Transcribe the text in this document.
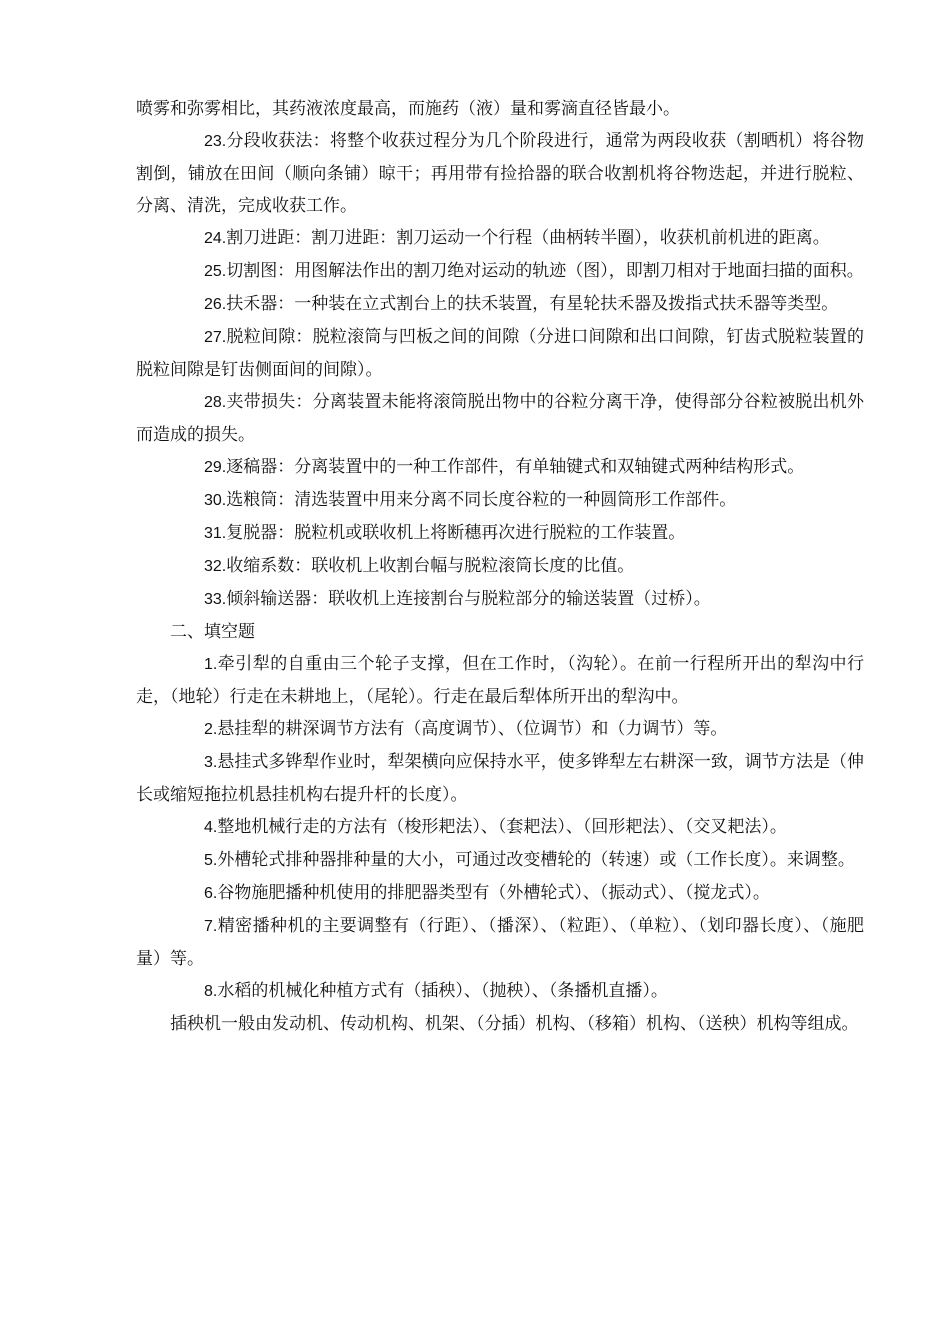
喷雾和弥雾相比，其药液浓度最高，而施药（液）量和雾滴直径皆最小。

23.分段收获法：将整个收获过程分为几个阶段进行，通常为两段收获（割晒机）将谷物割倒，铺放在田间（顺向条铺）晾干；再用带有捡拾器的联合收割机将谷物迭起，并进行脱粒、分离、清洗，完成收获工作。

24.割刀进距：割刀进距：割刀运动一个行程（曲柄转半圈），收获机前机进的距离。

25.切割图：用图解法作出的割刀绝对运动的轨迹（图），即割刀相对于地面扫描的面积。

26.扶禾器：一种装在立式割台上的扶禾装置，有星轮扶禾器及拨指式扶禾器等类型。

27.脱粒间隙：脱粒滚筒与凹板之间的间隙（分进口间隙和出口间隙，钉齿式脱粒装置的脱粒间隙是钉齿侧面间的间隙）。

28.夹带损失：分离装置未能将滚筒脱出物中的谷粒分离干净，使得部分谷粒被脱出机外而造成的损失。

29.逐稿器：分离装置中的一种工作部件，有单轴键式和双轴键式两种结构形式。

30.选粮筒：清选装置中用来分离不同长度谷粒的一种圆筒形工作部件。

31.复脱器：脱粒机或联收机上将断穗再次进行脱粒的工作装置。

32.收缩系数：联收机上收割台幅与脱粒滚筒长度的比值。

33.倾斜输送器：联收机上连接割台与脱粒部分的输送装置（过桥）。

二、填空题

1.牵引犁的自重由三个轮子支撑，但在工作时，（沟轮）。在前一行程所开出的犁沟中行走，（地轮）行走在未耕地上，（尾轮）。行走在最后犁体所开出的犁沟中。

2.悬挂犁的耕深调节方法有（高度调节）、（位调节）和（力调节）等。

3.悬挂式多铧犁作业时，犁架横向应保持水平，使多铧犁左右耕深一致，调节方法是（伸长或缩短拖拉机悬挂机构右提升杆的长度）。

4.整地机械行走的方法有（梭形耙法）、（套耙法）、（回形耙法）、（交叉耙法）。

5.外槽轮式排种器排种量的大小，可通过改变槽轮的（转速）或（工作长度）。来调整。

6.谷物施肥播种机使用的排肥器类型有（外槽轮式）、（振动式）、（搅龙式）。

7.精密播种机的主要调整有（行距）、（播深）、（粒距）、（单粒）、（划印器长度）、（施肥量）等。

8.水稻的机械化种植方式有（插秧）、（抛秧）、（条播机直播）。

插秧机一般由发动机、传动机构、机架、（分插）机构、（移箱）机构、（送秧）机构等组成。
